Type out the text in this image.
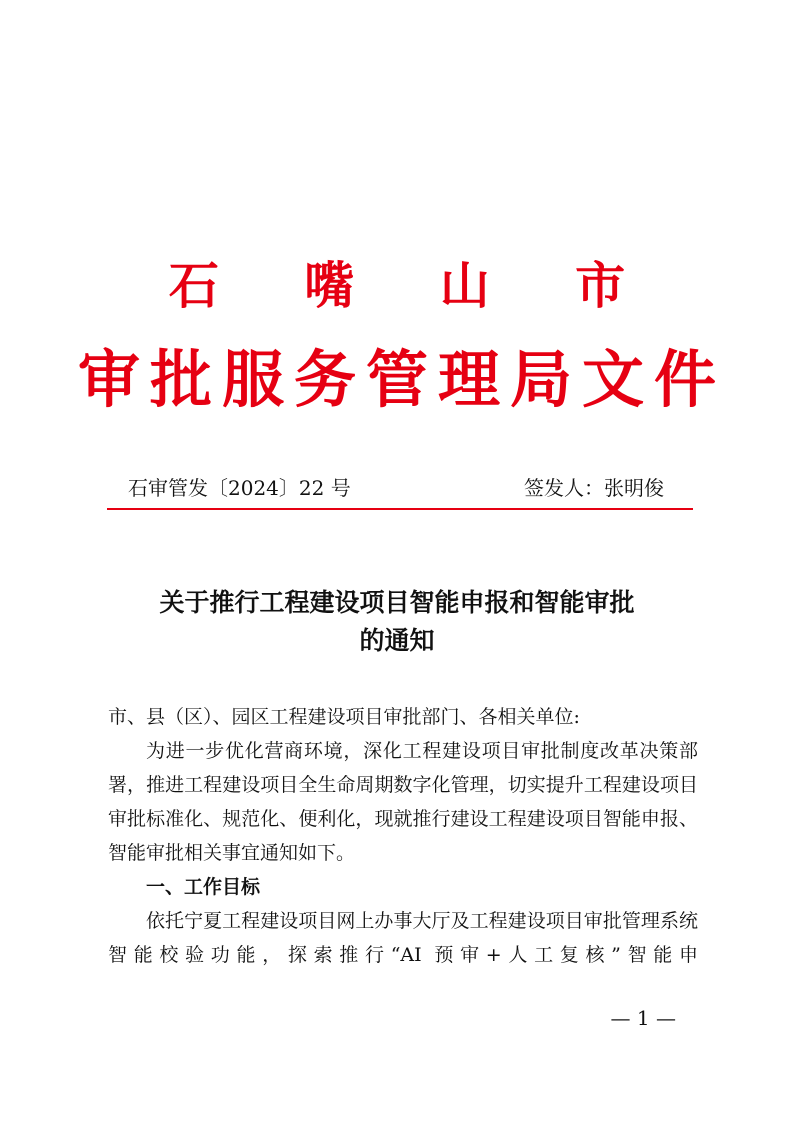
石 嘴 山 市
审批服务管理局文件
石审管发〔2024〕22 号	签发人：张明俊
关于推行工程建设项目智能申报和智能审批
的通知

市、县（区）、园区工程建设项目审批部门、各相关单位:

为进一步优化营商环境，深化工程建设项目审批制度改革决策部署，推进工程建设项目全生命周期数字化管理，切实提升工程建设项目审批标准化、规范化、便利化，现就推行建设工程建设项目智能申报、智能审批相关事宜通知如下。

一、工作目标

依托宁夏工程建设项目网上办事大厅及工程建设项目审批管理系统智能校验功能，探索推行“AI 预审+人工复核”智能申

— 1 —
